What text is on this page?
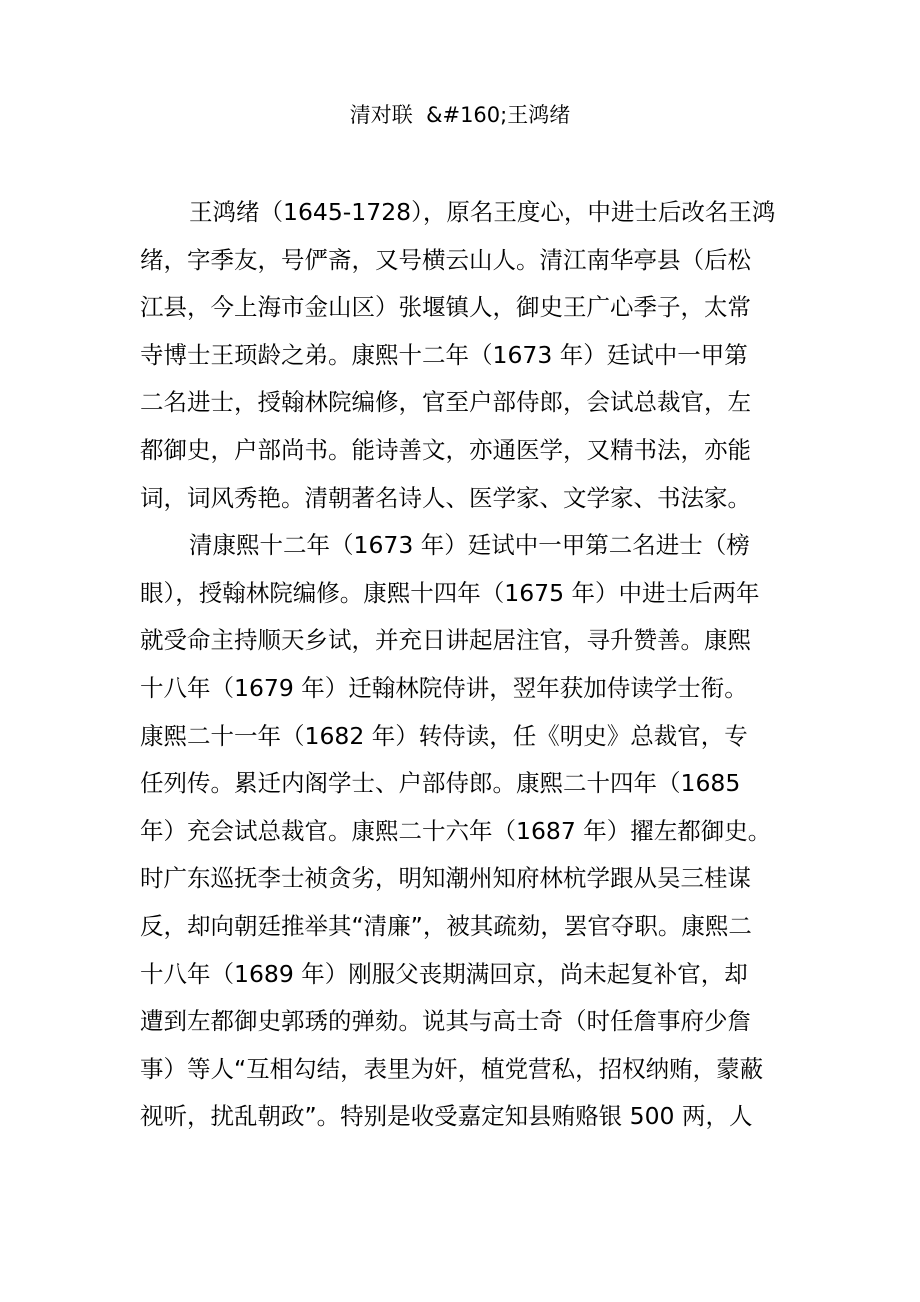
清对联  &#160;王鸿绪
王鸿绪（1645-1728），原名王度心，中进士后改名王鸿
绪，字季友，号俨斋，又号横云山人。清江南华亭县（后松
江县，今上海市金山区）张堰镇人，御史王广心季子，太常
寺博士王顼龄之弟。康熙十二年（1673 年）廷试中一甲第
二名进士，授翰林院编修，官至户部侍郎，会试总裁官，左
都御史，户部尚书。能诗善文，亦通医学，又精书法，亦能
词，词风秀艳。清朝著名诗人、医学家、文学家、书法家。
清康熙十二年（1673 年）廷试中一甲第二名进士（榜
眼），授翰林院编修。康熙十四年（1675 年）中进士后两年
就受命主持顺天乡试，并充日讲起居注官，寻升赞善。康熙
十八年（1679 年）迁翰林院侍讲，翌年获加侍读学士衔。
康熙二十一年（1682 年）转侍读，任《明史》总裁官，专
任列传。累迁内阁学士、户部侍郎。康熙二十四年（1685
年）充会试总裁官。康熙二十六年（1687 年）擢左都御史。
时广东巡抚李士祯贪劣，明知潮州知府林杭学跟从吴三桂谋
反，却向朝廷推举其“清廉”，被其疏劾，罢官夺职。康熙二
十八年（1689 年）刚服父丧期满回京，尚未起复补官，却
遭到左都御史郭琇的弹劾。说其与高士奇（时任詹事府少詹
事）等人“互相勾结，表里为奸，植党营私，招权纳贿，蒙蔽
视听，扰乱朝政”。特别是收受嘉定知县贿赂银 500 两，人
